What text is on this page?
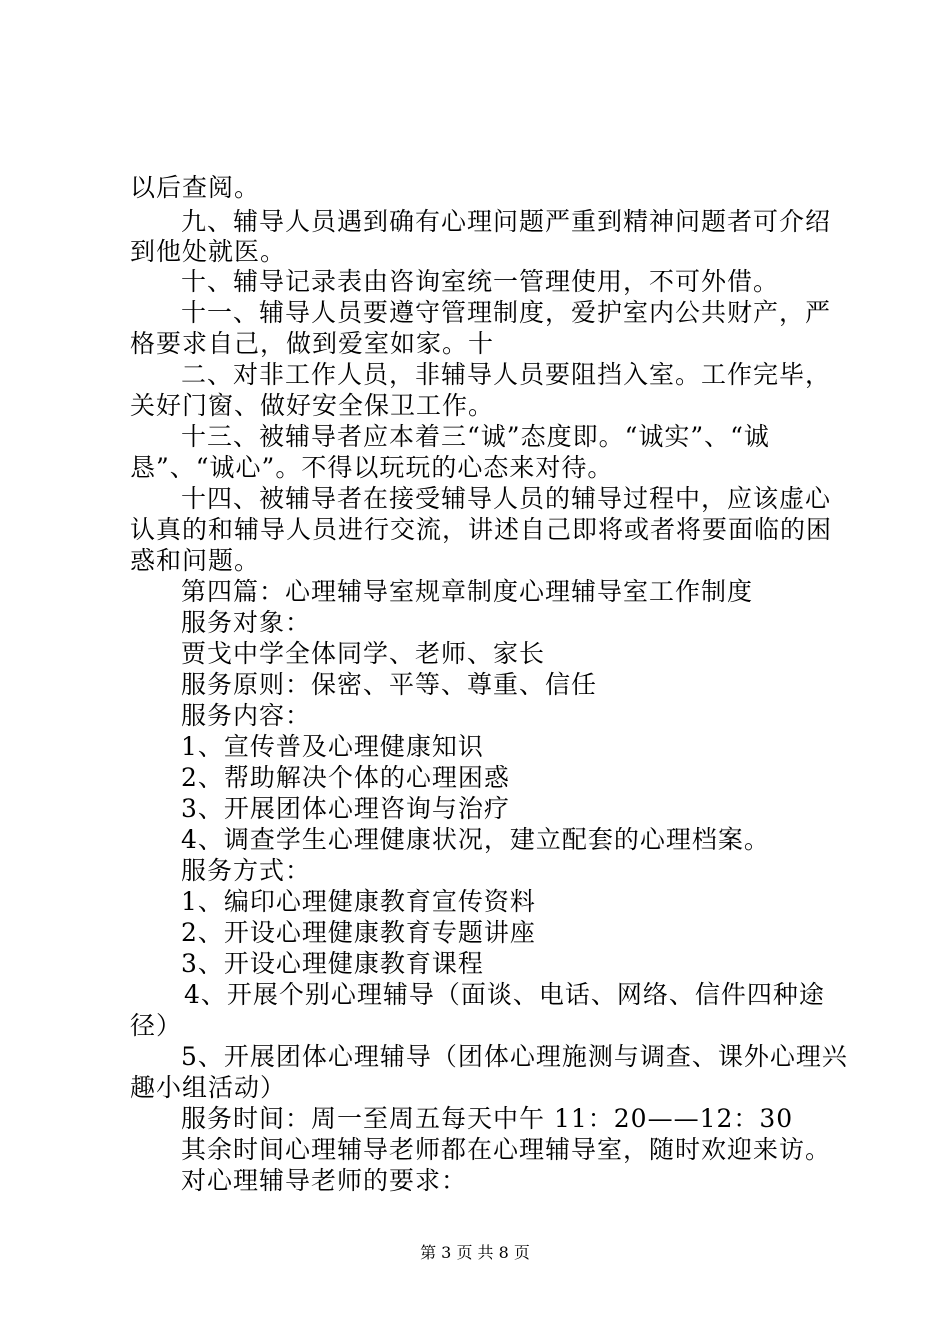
以后查阅。
九、辅导人员遇到确有心理问题严重到精神问题者可介绍
到他处就医。
十、辅导记录表由咨询室统一管理使用，不可外借。
十一、辅导人员要遵守管理制度，爱护室内公共财产，严
格要求自己，做到爱室如家。十
二、对非工作人员，非辅导人员要阻挡入室。工作完毕，
关好门窗、做好安全保卫工作。
十三、被辅导者应本着三“诚”态度即。“诚实”、“诚
恳”、“诚心”。不得以玩玩的心态来对待。
十四、被辅导者在接受辅导人员的辅导过程中，应该虚心
认真的和辅导人员进行交流，讲述自己即将或者将要面临的困
惑和问题。
第四篇：心理辅导室规章制度心理辅导室工作制度
服务对象：
贾戈中学全体同学、老师、家长
服务原则：保密、平等、尊重、信任
服务内容：
1、宣传普及心理健康知识
2、帮助解决个体的心理困惑
3、开展团体心理咨询与治疗
4、调查学生心理健康状况，建立配套的心理档案。
服务方式：
1、编印心理健康教育宣传资料
2、开设心理健康教育专题讲座
3、开设心理健康教育课程
4、开展个别心理辅导（面谈、电话、网络、信件四种途
径）
5、开展团体心理辅导（团体心理施测与调查、课外心理兴
趣小组活动）
服务时间：周一至周五每天中午 11：20——12：30
其余时间心理辅导老师都在心理辅导室，随时欢迎来访。
对心理辅导老师的要求：
第 3 页 共 8 页
